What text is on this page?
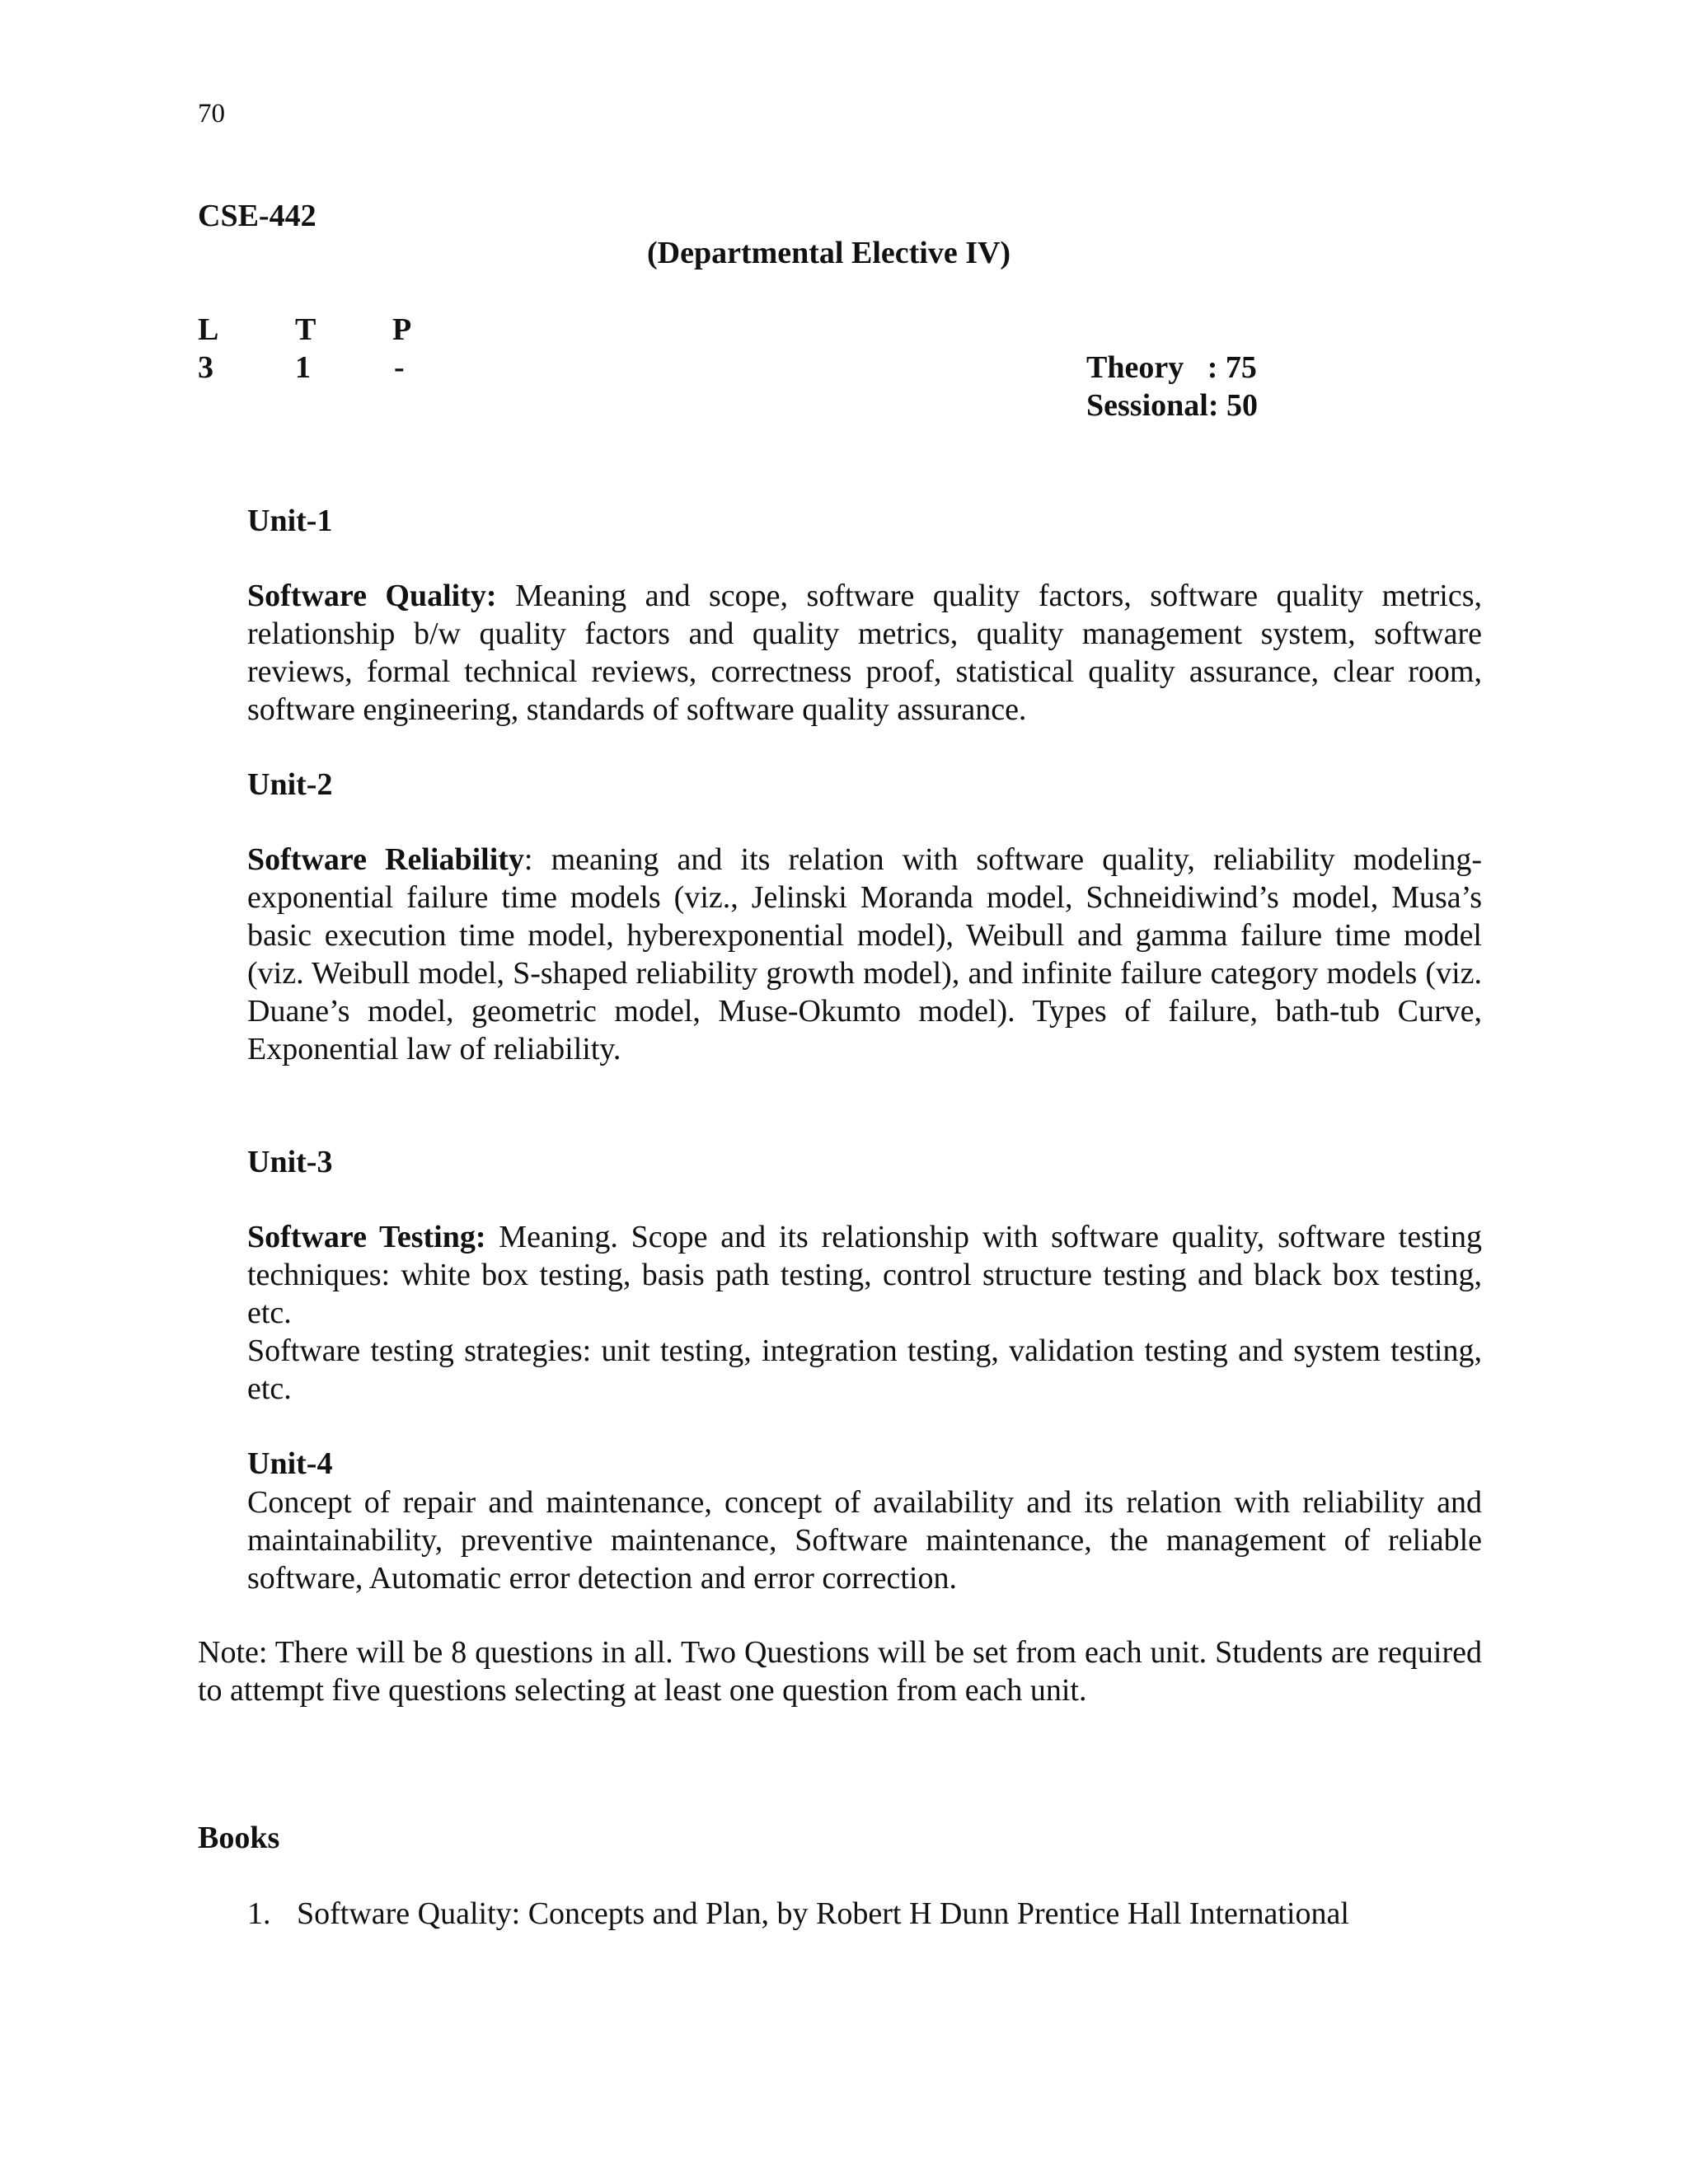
70
CSE-442
(Departmental Elective IV)
L T P
3	1	-	Theory   : 75
Sessional: 50
Unit-1
Software Quality: Meaning and scope, software quality factors, software quality metrics, relationship b/w quality factors and quality metrics, quality management system, software reviews, formal technical reviews, correctness proof, statistical quality assurance, clear room, software engineering, standards of software quality assurance.
Unit-2
Software Reliability: meaning and its relation with software quality, reliability modeling-exponential failure time models (viz., Jelinski Moranda model, Schneidiwind’s model, Musa’s basic execution time model, hyberexponential model), Weibull and gamma failure time model (viz. Weibull model, S-shaped reliability growth model), and infinite failure category models (viz. Duane’s model, geometric model, Muse-Okumto model). Types of failure, bath-tub Curve, Exponential law of reliability.
Unit-3
Software Testing: Meaning. Scope and its relationship with software quality, software testing techniques: white box testing, basis path testing, control structure testing and black box testing, etc.
Software testing strategies: unit testing, integration testing, validation testing and system testing, etc.
Unit-4
Concept of repair and maintenance, concept of availability and its relation with reliability and maintainability, preventive maintenance, Software maintenance, the management of reliable software, Automatic error detection and error correction.
Note: There will be 8 questions in all. Two Questions will be set from each unit. Students are required to attempt five questions selecting at least one question from each unit.
Books
1. Software Quality: Concepts and Plan, by Robert H Dunn Prentice Hall International
